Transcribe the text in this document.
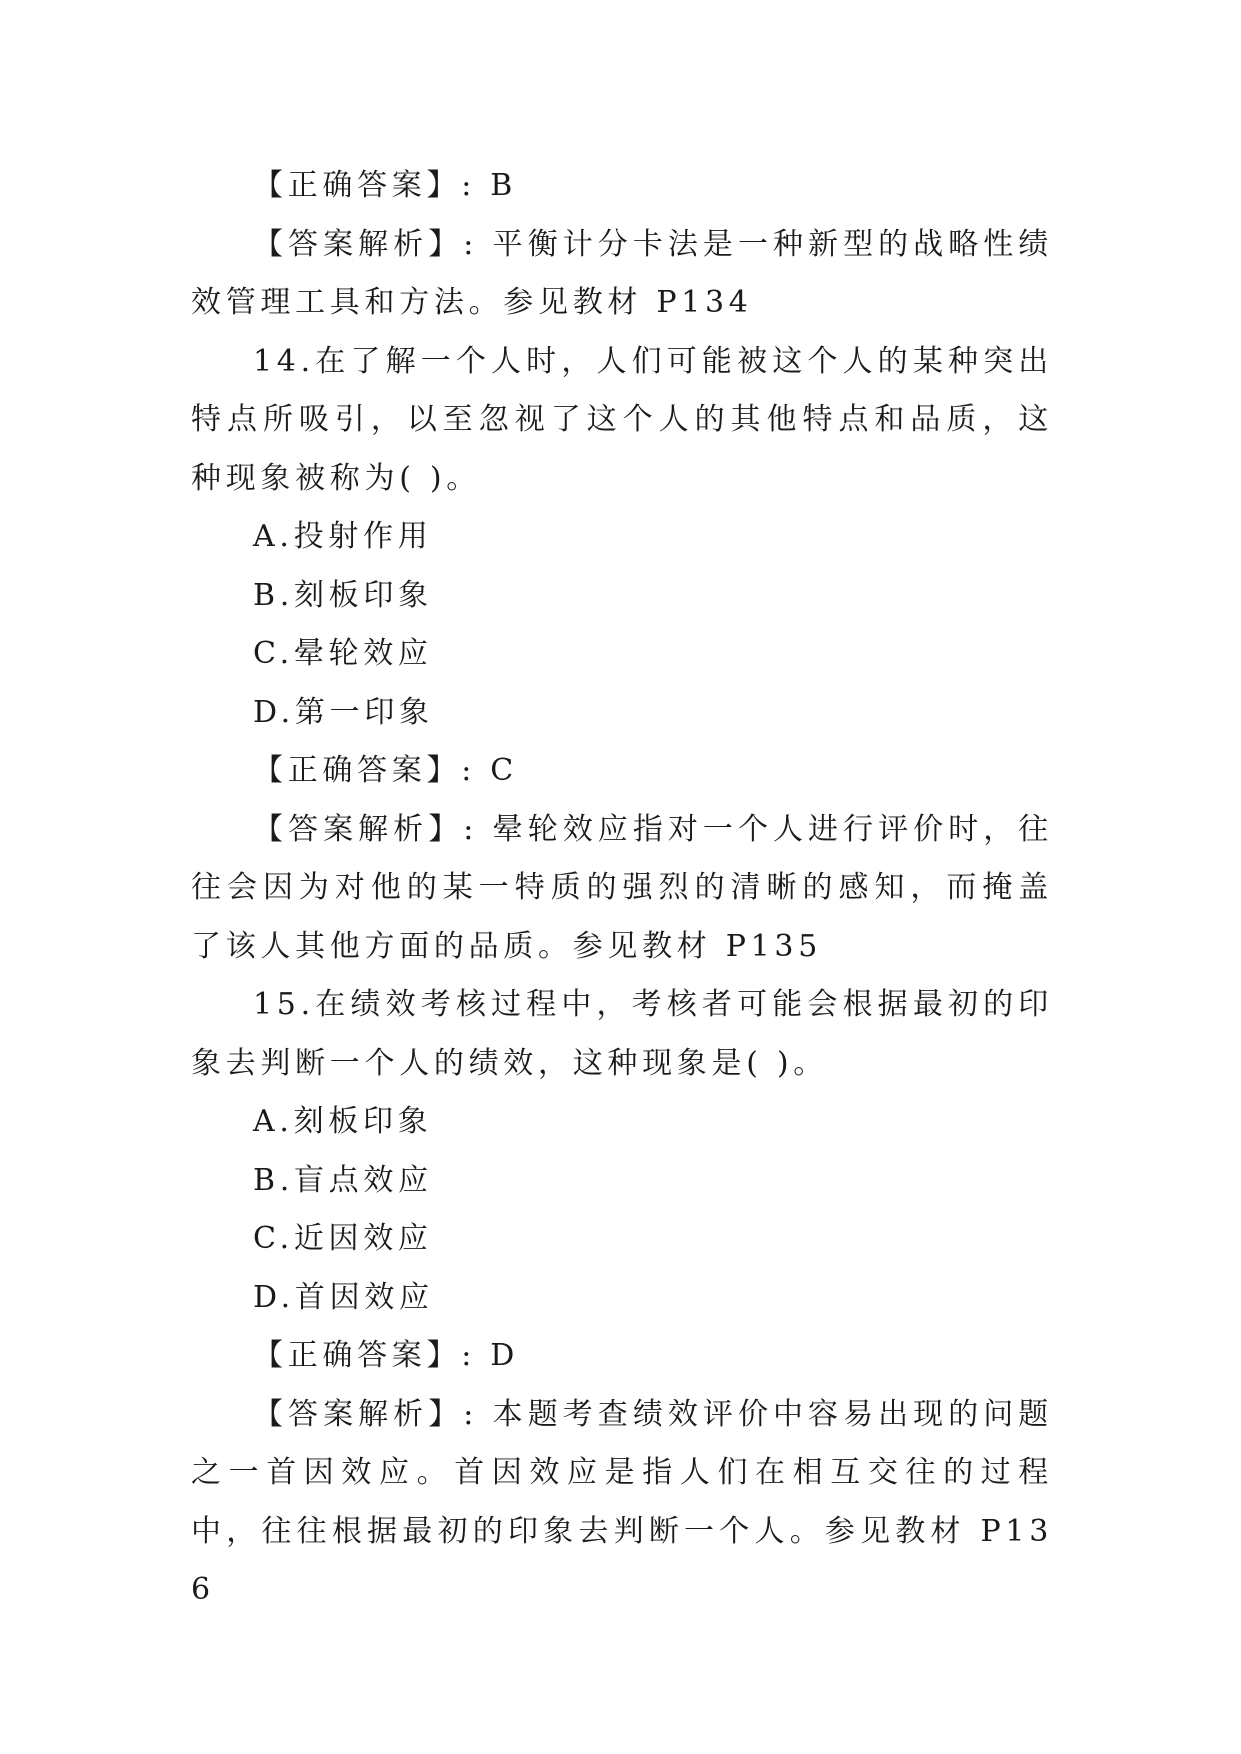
【正确答案】: B

【答案解析】: 平衡计分卡法是一种新型的战略性绩效管理工具和方法。参见教材 P134

14.在了解一个人时，人们可能被这个人的某种突出特点所吸引，以至忽视了这个人的其他特点和品质，这种现象被称为( )。

A.投射作用

B.刻板印象

C.晕轮效应

D.第一印象

【正确答案】: C

【答案解析】: 晕轮效应指对一个人进行评价时，往往会因为对他的某一特质的强烈的清晰的感知，而掩盖了该人其他方面的品质。参见教材 P135

15.在绩效考核过程中，考核者可能会根据最初的印象去判断一个人的绩效，这种现象是( )。

A.刻板印象

B.盲点效应

C.近因效应

D.首因效应

【正确答案】: D

【答案解析】: 本题考查绩效评价中容易出现的问题之一首因效应。首因效应是指人们在相互交往的过程中，往往根据最初的印象去判断一个人。参见教材 P136
